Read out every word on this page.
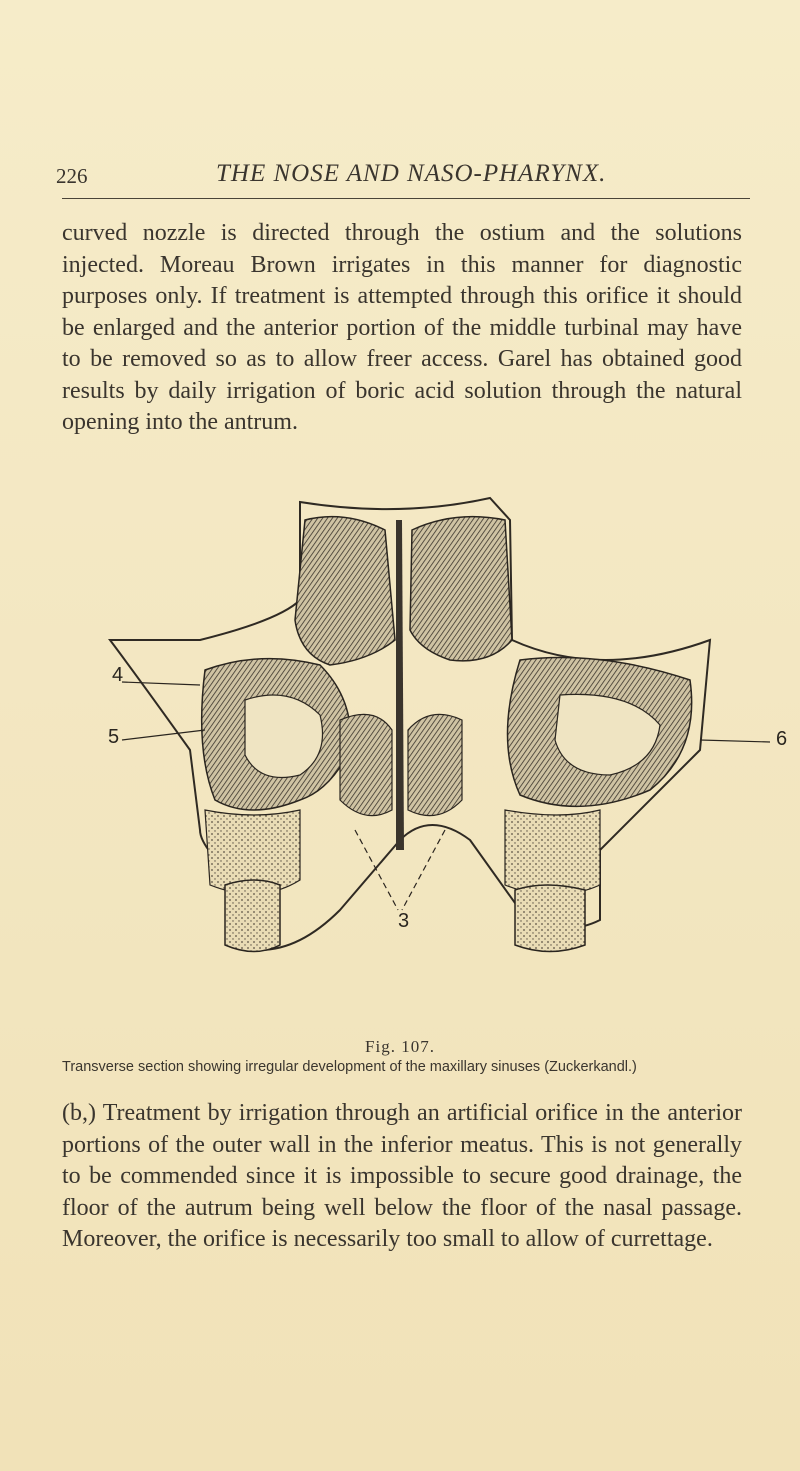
226	THE NOSE AND NASO-PHARYNX.

curved nozzle is directed through the ostium and the solutions injected. Moreau Brown irrigates in this manner for diagnostic purposes only. If treatment is attempted through this orifice it should be enlarged and the anterior portion of the middle turbinal may have to be removed so as to allow freer access. Garel has obtained good results by daily irrigation of boric acid solution through the natural opening into the antrum.

4
5	6
3
Fig. 107.
Transverse section showing irregular development of the maxillary sinuses (Zuckerkandl.)

(b,) Treatment by irrigation through an artificial orifice in the anterior portions of the outer wall in the inferior meatus. This is not generally to be commended since it is impossible to secure good drainage, the floor of the autrum being well below the floor of the nasal passage. Moreover, the orifice is necessarily too small to allow of currettage.
